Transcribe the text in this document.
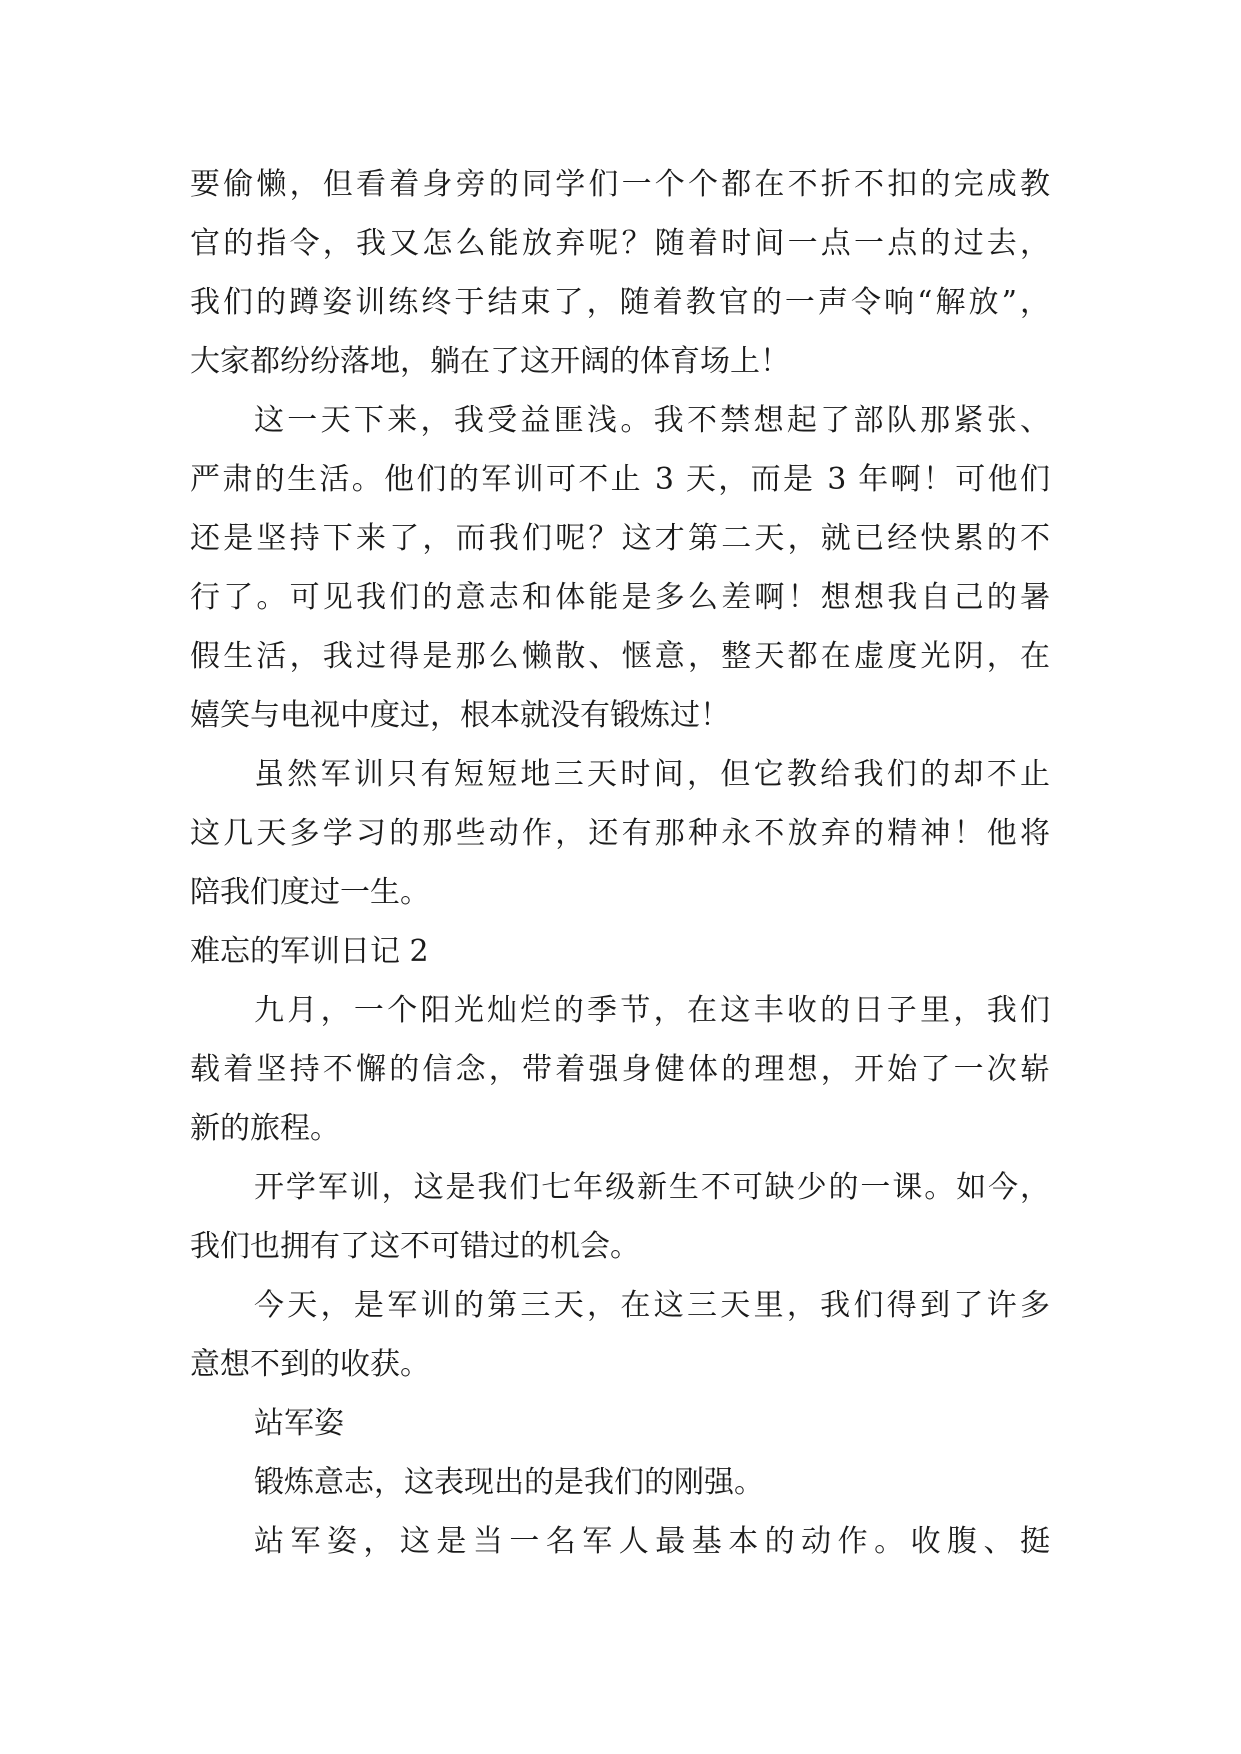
要偷懒，但看着身旁的同学们一个个都在不折不扣的完成教
官的指令，我又怎么能放弃呢？随着时间一点一点的过去，
我们的蹲姿训练终于结束了，随着教官的一声令响“解放”，
大家都纷纷落地，躺在了这开阔的体育场上！
这一天下来，我受益匪浅。我不禁想起了部队那紧张、
严肃的生活。他们的军训可不止 3 天，而是 3 年啊！可他们
还是坚持下来了，而我们呢？这才第二天，就已经快累的不
行了。可见我们的意志和体能是多么差啊！想想我自己的暑
假生活，我过得是那么懒散、惬意，整天都在虚度光阴，在
嬉笑与电视中度过，根本就没有锻炼过！
虽然军训只有短短地三天时间，但它教给我们的却不止
这几天多学习的那些动作，还有那种永不放弃的精神！他将
陪我们度过一生。
难忘的军训日记 2
九月，一个阳光灿烂的季节，在这丰收的日子里，我们
载着坚持不懈的信念，带着强身健体的理想，开始了一次崭
新的旅程。
开学军训，这是我们七年级新生不可缺少的一课。如今，
我们也拥有了这不可错过的机会。
今天，是军训的第三天，在这三天里，我们得到了许多
意想不到的收获。
站军姿
锻炼意志，这表现出的是我们的刚强。
站军姿，这是当一名军人最基本的动作。收腹、挺
